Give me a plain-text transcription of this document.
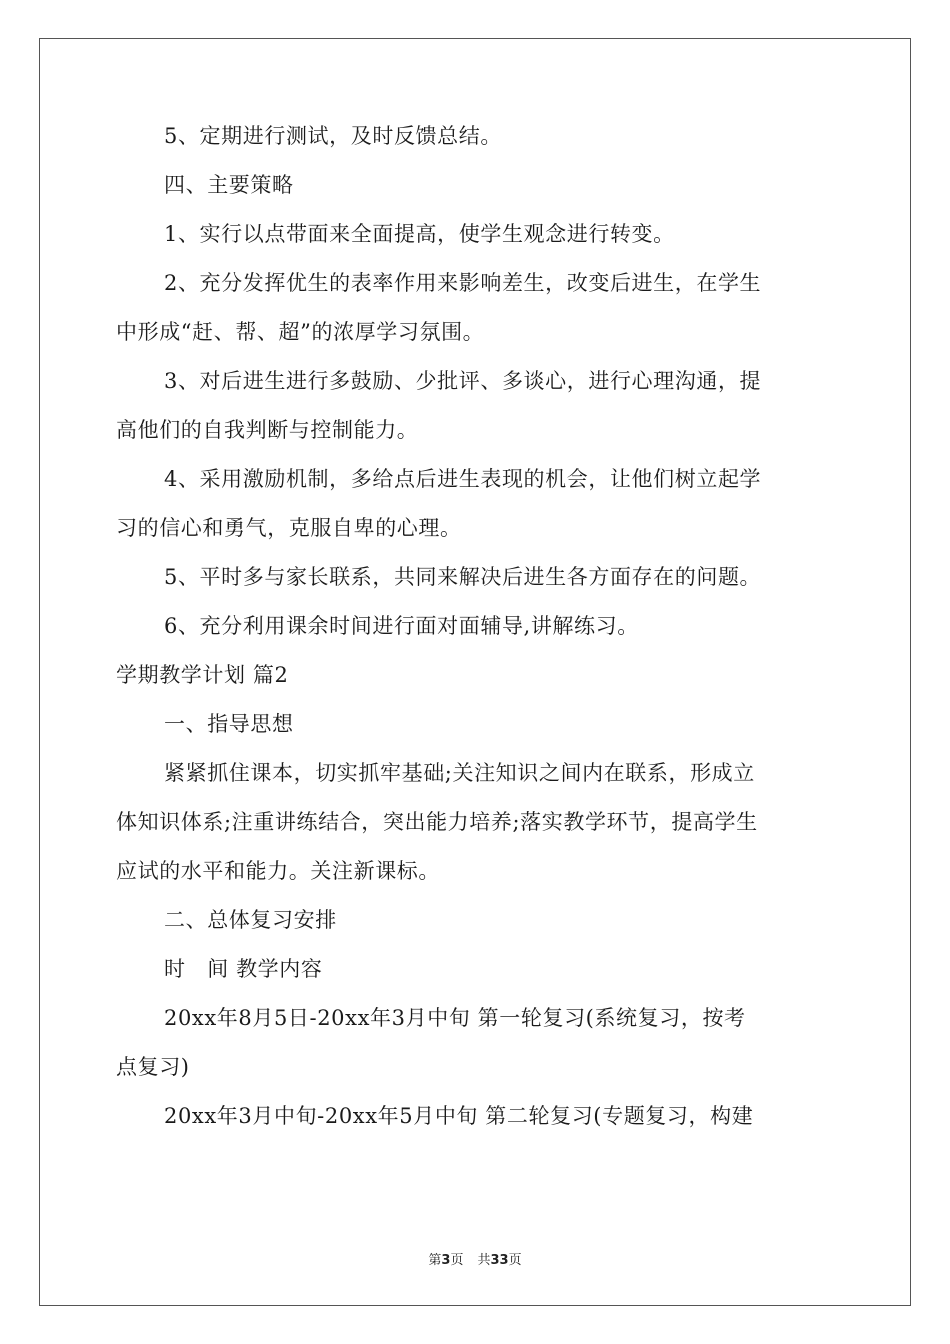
5、定期进行测试，及时反馈总结。
四、主要策略
1、实行以点带面来全面提高，使学生观念进行转变。
2、充分发挥优生的表率作用来影响差生，改变后进生，在学生
中形成“赶、帮、超”的浓厚学习氛围。
3、对后进生进行多鼓励、少批评、多谈心，进行心理沟通，提
高他们的自我判断与控制能力。
4、采用激励机制，多给点后进生表现的机会，让他们树立起学
习的信心和勇气，克服自卑的心理。
5、平时多与家长联系，共同来解决后进生各方面存在的问题。
6、充分利用课余时间进行面对面辅导,讲解练习。
学期教学计划 篇2
一、指导思想
紧紧抓住课本，切实抓牢基础;关注知识之间内在联系，形成立
体知识体系;注重讲练结合，突出能力培养;落实教学环节，提高学生
应试的水平和能力。关注新课标。
二、总体复习安排
时　间 教学内容
20xx年8月5日-20xx年3月中旬 第一轮复习(系统复习，按考
点复习)
20xx年3月中旬-20xx年5月中旬 第二轮复习(专题复习，构建
第3页 共33页
